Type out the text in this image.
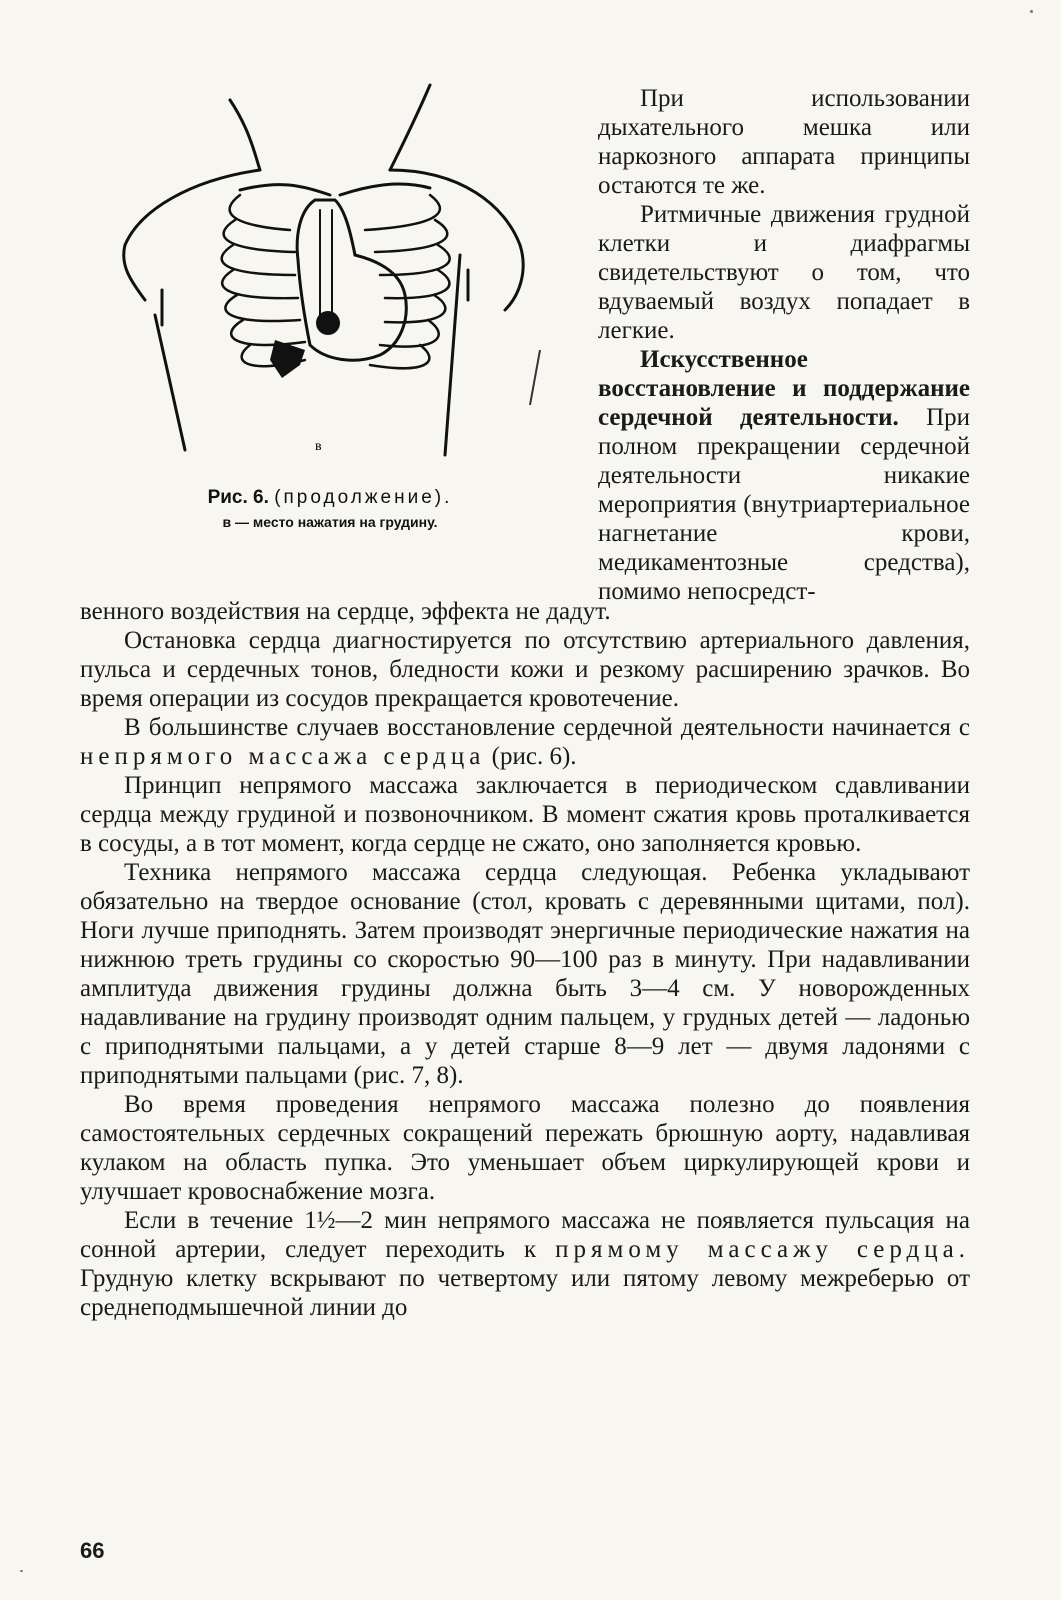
в
Рис. 6. (продолжение).
в — место нажатия на грудину.

При использовании дыхательного мешка или наркозного аппарата принципы остаются те же.

Ритмичные движения грудной клетки и диафрагмы свидетельствуют о том, что вдуваемый воздух попадает в легкие.

Искусственное восстановление и поддержание сердечной деятельности. При полном прекращении сердечной деятельности никакие мероприятия (внутриартериальное нагнетание крови, медикаментозные средства), помимо непосредст-

венного воздействия на сердце, эффекта не дадут.

Остановка сердца диагностируется по отсутствию артериального давления, пульса и сердечных тонов, бледности кожи и резкому расширению зрачков. Во время операции из сосудов прекращается кровотечение.

В большинстве случаев восстановление сердечной деятельности начинается с непрямого массажа сердца (рис. 6).

Принцип непрямого массажа заключается в периодическом сдавливании сердца между грудиной и позвоночником. В момент сжатия кровь проталкивается в сосуды, а в тот момент, когда сердце не сжато, оно заполняется кровью.

Техника непрямого массажа сердца следующая. Ребенка укладывают обязательно на твердое основание (стол, кровать с деревянными щитами, пол). Ноги лучше приподнять. Затем производят энергичные периодические нажатия на нижнюю треть грудины со скоростью 90—100 раз в минуту. При надавливании амплитуда движения грудины должна быть 3—4 см. У новорожденных надавливание на грудину производят одним пальцем, у грудных детей — ладонью с приподнятыми пальцами, а у детей старше 8—9 лет — двумя ладонями с приподнятыми пальцами (рис. 7, 8).

Во время проведения непрямого массажа полезно до появления самостоятельных сердечных сокращений пережать брюшную аорту, надавливая кулаком на область пупка. Это уменьшает объем циркулирующей крови и улучшает кровоснабжение мозга.

Если в течение 1½—2 мин непрямого массажа не появляется пульсация на сонной артерии, следует переходить к прямому массажу сердца. Грудную клетку вскрывают по четвертому или пятому левому межреберью от среднеподмышечной линии до

66
